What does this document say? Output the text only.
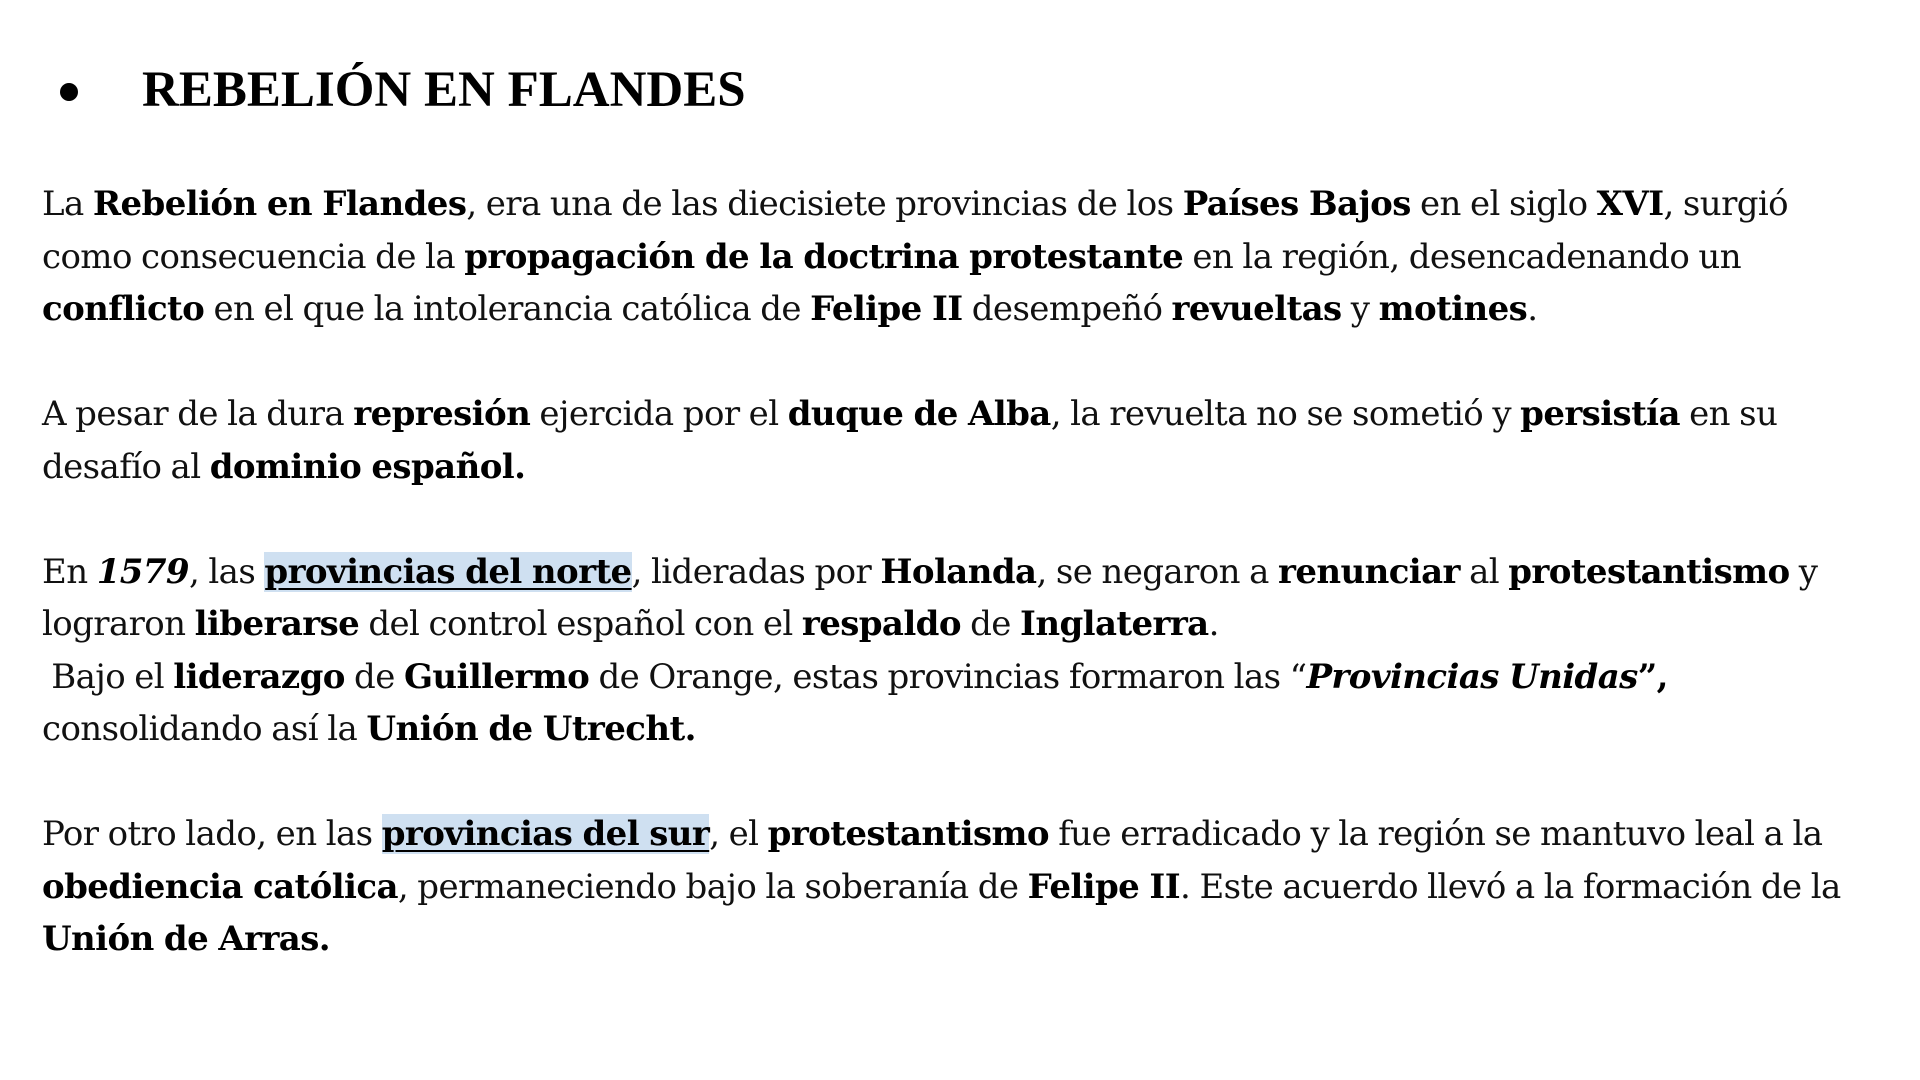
REBELIÓN EN FLANDES

La Rebelión en Flandes, era una de las diecisiete provincias de los Países Bajos en el siglo XVI, surgió
como consecuencia de la propagación de la doctrina protestante en la región, desencadenando un
conflicto en el que la intolerancia católica de Felipe II desempeñó revueltas y motines.

A pesar de la dura represión ejercida por el duque de Alba, la revuelta no se sometió y persistía en su
desafío al dominio español.

En 1579, las provincias del norte, lideradas por Holanda, se negaron a renunciar al protestantismo y
lograron liberarse del control español con el respaldo de Inglaterra.
Bajo el liderazgo de Guillermo de Orange, estas provincias formaron las “Provincias Unidas”,
consolidando así la Unión de Utrecht.

Por otro lado, en las provincias del sur, el protestantismo fue erradicado y la región se mantuvo leal a la
obediencia católica, permaneciendo bajo la soberanía de Felipe II. Este acuerdo llevó a la formación de la
Unión de Arras.
